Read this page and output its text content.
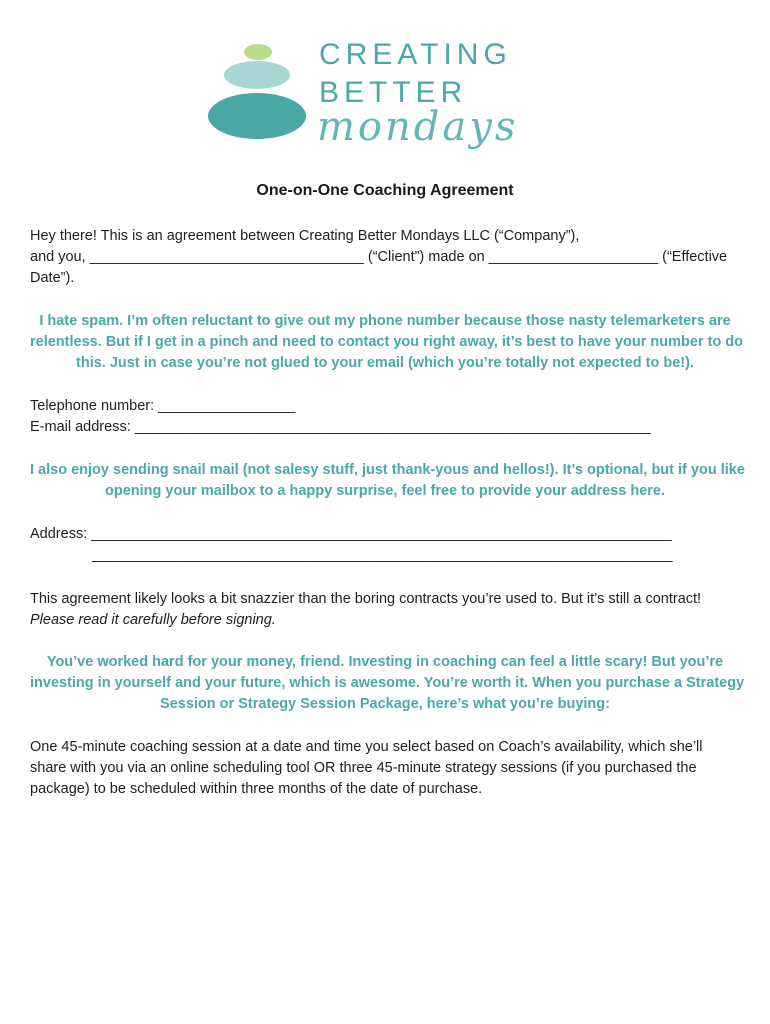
CREATING
BETTER
mondays
One-on-One Coaching Agreement
Hey there! This is an agreement between Creating Better Mondays LLC (“Company”),
and you, __________________________________ (“Client”) made on _____________________ (“Effective
Date”).
I hate spam. I’m often reluctant to give out my phone number because those nasty telemarketers are
relentless. But if I get in a pinch and need to contact you right away, it’s best to have your number to do
this. Just in case you’re not glued to your email (which you’re totally not expected to be!).
Telephone number: _________________
E-mail address: ________________________________________________________________
I also enjoy sending snail mail (not salesy stuff, just thank-yous and hellos!). It’s optional, but if you like
opening your mailbox to a happy surprise, feel free to provide your address here.
Address: ________________________________________________________________________
________________________________________________________________________
This agreement likely looks a bit snazzier than the boring contracts you’re used to. But it’s still a contract!
Please read it carefully before signing.
You’ve worked hard for your money, friend. Investing in coaching can feel a little scary! But you’re
investing in yourself and your future, which is awesome. You’re worth it. When you purchase a Strategy
Session or Strategy Session Package, here’s what you’re buying:
One 45-minute coaching session at a date and time you select based on Coach’s availability, which she’ll
share with you via an online scheduling tool OR three 45-minute strategy sessions (if you purchased the
package) to be scheduled within three months of the date of purchase.
